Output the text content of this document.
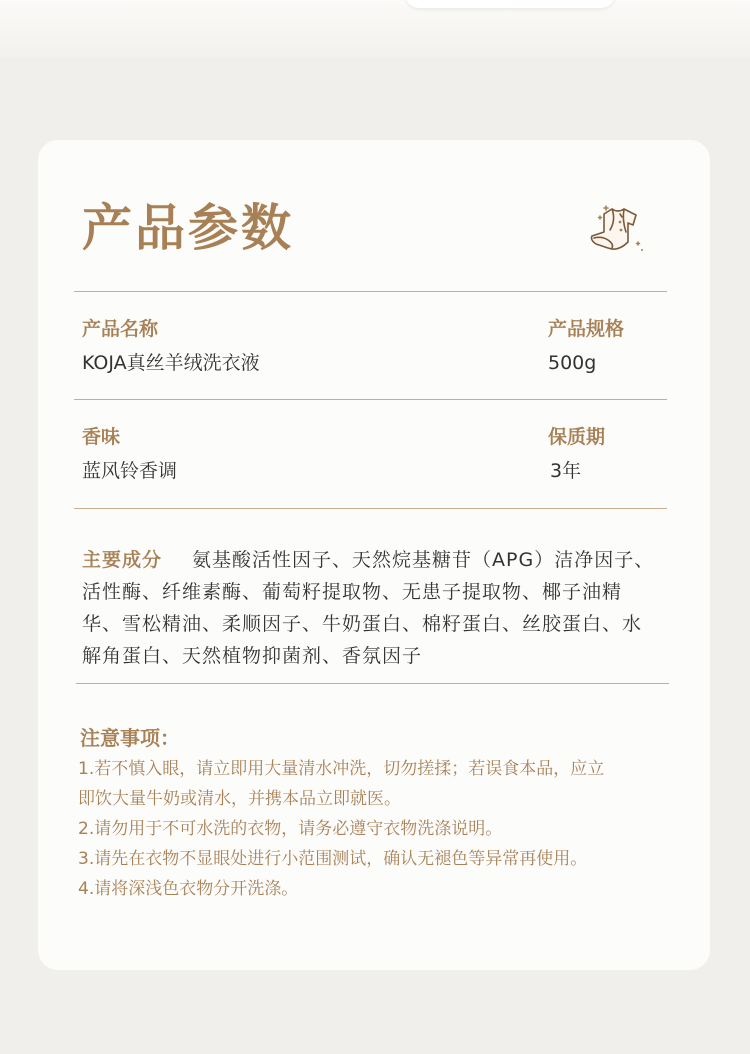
产品参数
产品名称
KOJA真丝羊绒洗衣液
产品规格
500g
香味
蓝风铃香调
保质期
3年
主要成分 氨基酸活性因子、天然烷基糖苷（APG）洁净因子、活性酶、纤维素酶、葡萄籽提取物、无患子提取物、椰子油精华、雪松精油、柔顺因子、牛奶蛋白、棉籽蛋白、丝胶蛋白、水解角蛋白、天然植物抑菌剂、香氛因子
注意事项：
1.若不慎入眼，请立即用大量清水冲洗，切勿搓揉；若误食本品，应立
即饮大量牛奶或清水，并携本品立即就医。
2.请勿用于不可水洗的衣物，请务必遵守衣物洗涤说明。
3.请先在衣物不显眼处进行小范围测试，确认无褪色等异常再使用。
4.请将深浅色衣物分开洗涤。
